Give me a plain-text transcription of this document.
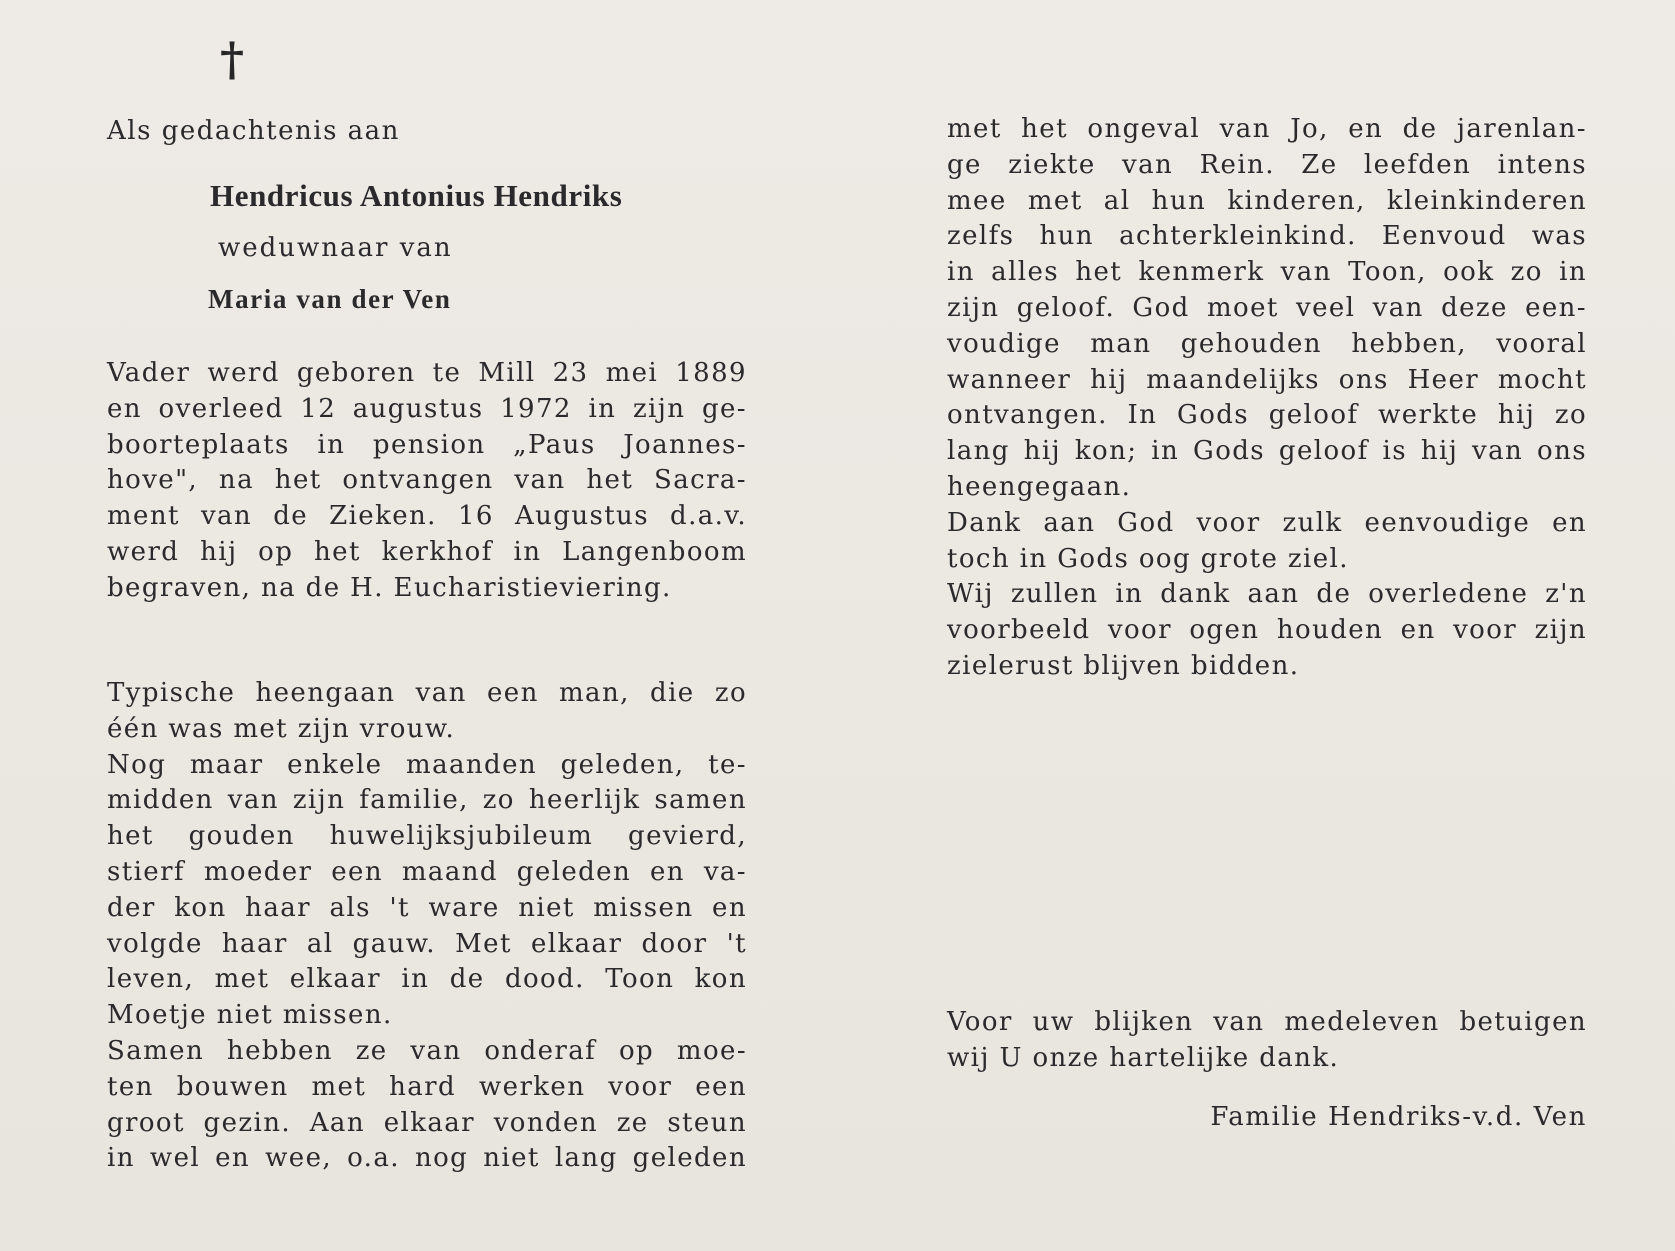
†

Als gedachtenis aan

Hendricus Antonius Hendriks

weduwnaar van

Maria van der Ven

Vader werd geboren te Mill 23 mei 1889
en overleed 12 augustus 1972 in zijn ge-
boorteplaats in pension „Paus Joannes-
hove", na het ontvangen van het Sacra-
ment van de Zieken. 16 Augustus d.a.v.
werd hij op het kerkhof in Langenboom
begraven, na de H. Eucharistieviering.
Typische heengaan van een man, die zo
één was met zijn vrouw.
Nog maar enkele maanden geleden, te-
midden van zijn familie, zo heerlijk samen
het gouden huwelijksjubileum gevierd,
stierf moeder een maand geleden en va-
der kon haar als 't ware niet missen en
volgde haar al gauw. Met elkaar door 't
leven, met elkaar in de dood. Toon kon
Moetje niet missen.
Samen hebben ze van onderaf op moe-
ten bouwen met hard werken voor een
groot gezin. Aan elkaar vonden ze steun
in wel en wee, o.a. nog niet lang geleden
met het ongeval van Jo, en de jarenlan-
ge ziekte van Rein. Ze leefden intens
mee met al hun kinderen, kleinkinderen
zelfs hun achterkleinkind. Eenvoud was
in alles het kenmerk van Toon, ook zo in
zijn geloof. God moet veel van deze een-
voudige man gehouden hebben, vooral
wanneer hij maandelijks ons Heer mocht
ontvangen. In Gods geloof werkte hij zo
lang hij kon; in Gods geloof is hij van ons
heengegaan.
Dank aan God voor zulk eenvoudige en
toch in Gods oog grote ziel.
Wij zullen in dank aan de overledene z'n
voorbeeld voor ogen houden en voor zijn
zielerust blijven bidden.
Voor uw blijken van medeleven betuigen
wij U onze hartelijke dank.

Familie Hendriks-v.d. Ven
